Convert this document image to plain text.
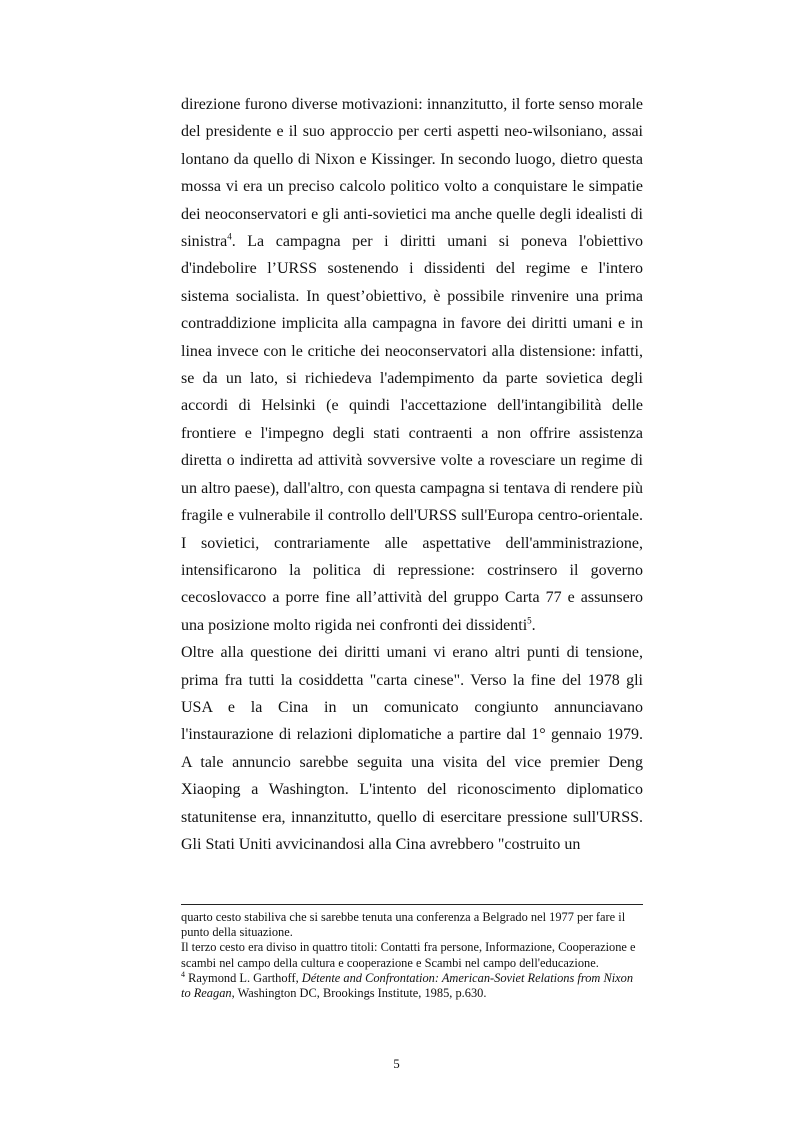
direzione furono diverse motivazioni: innanzitutto, il forte senso morale del presidente e il suo approccio per certi aspetti neo-wilsoniano, assai lontano da quello di Nixon e Kissinger. In secondo luogo, dietro questa mossa vi era un preciso calcolo politico volto a conquistare le simpatie dei neoconservatori e gli anti-sovietici ma anche quelle degli idealisti di sinistra$^4$. La campagna per i diritti umani si poneva l'obiettivo d'indebolire l’URSS sostenendo i dissidenti del regime e l'intero sistema socialista. In quest’obiettivo, è possibile rinvenire una prima contraddizione implicita alla campagna in favore dei diritti umani e in linea invece con le critiche dei neoconservatori alla distensione: infatti, se da un lato, si richiedeva l'adempimento da parte sovietica degli accordi di Helsinki (e quindi l'accettazione dell'intangibilità delle frontiere e l'impegno degli stati contraenti a non offrire assistenza diretta o indiretta ad attività sovversive volte a rovesciare un regime di un altro paese), dall'altro, con questa campagna si tentava di rendere più fragile e vulnerabile il controllo dell'URSS sull'Europa centro-orientale. I sovietici, contrariamente alle aspettative dell'amministrazione, intensificarono la politica di repressione: costrinsero il governo cecoslovacco a porre fine all’attività del gruppo Carta 77 e assunsero una posizione molto rigida nei confronti dei dissidenti$^5$.

Oltre alla questione dei diritti umani vi erano altri punti di tensione, prima fra tutti la cosiddetta "carta cinese". Verso la fine del 1978 gli USA e la Cina in un comunicato congiunto annunciavano l'instaurazione di relazioni diplomatiche a partire dal 1° gennaio 1979. A tale annuncio sarebbe seguita una visita del vice premier Deng Xiaoping a Washington. L'intento del riconoscimento diplomatico statunitense era, innanzitutto, quello di esercitare pressione sull'URSS. Gli Stati Uniti avvicinandosi alla Cina avrebbero "costruito un

quarto cesto stabiliva che si sarebbe tenuta una conferenza a Belgrado nel 1977 per fare il punto della situazione.

Il terzo cesto era diviso in quattro titoli: Contatti fra persone, Informazione, Cooperazione e scambi nel campo della cultura e cooperazione e Scambi nel campo dell'educazione.

$^4$ Raymond L. Garthoff, Détente and Confrontation: American-Soviet Relations from Nixon to Reagan, Washington DC, Brookings Institute, 1985, p.630.

5
